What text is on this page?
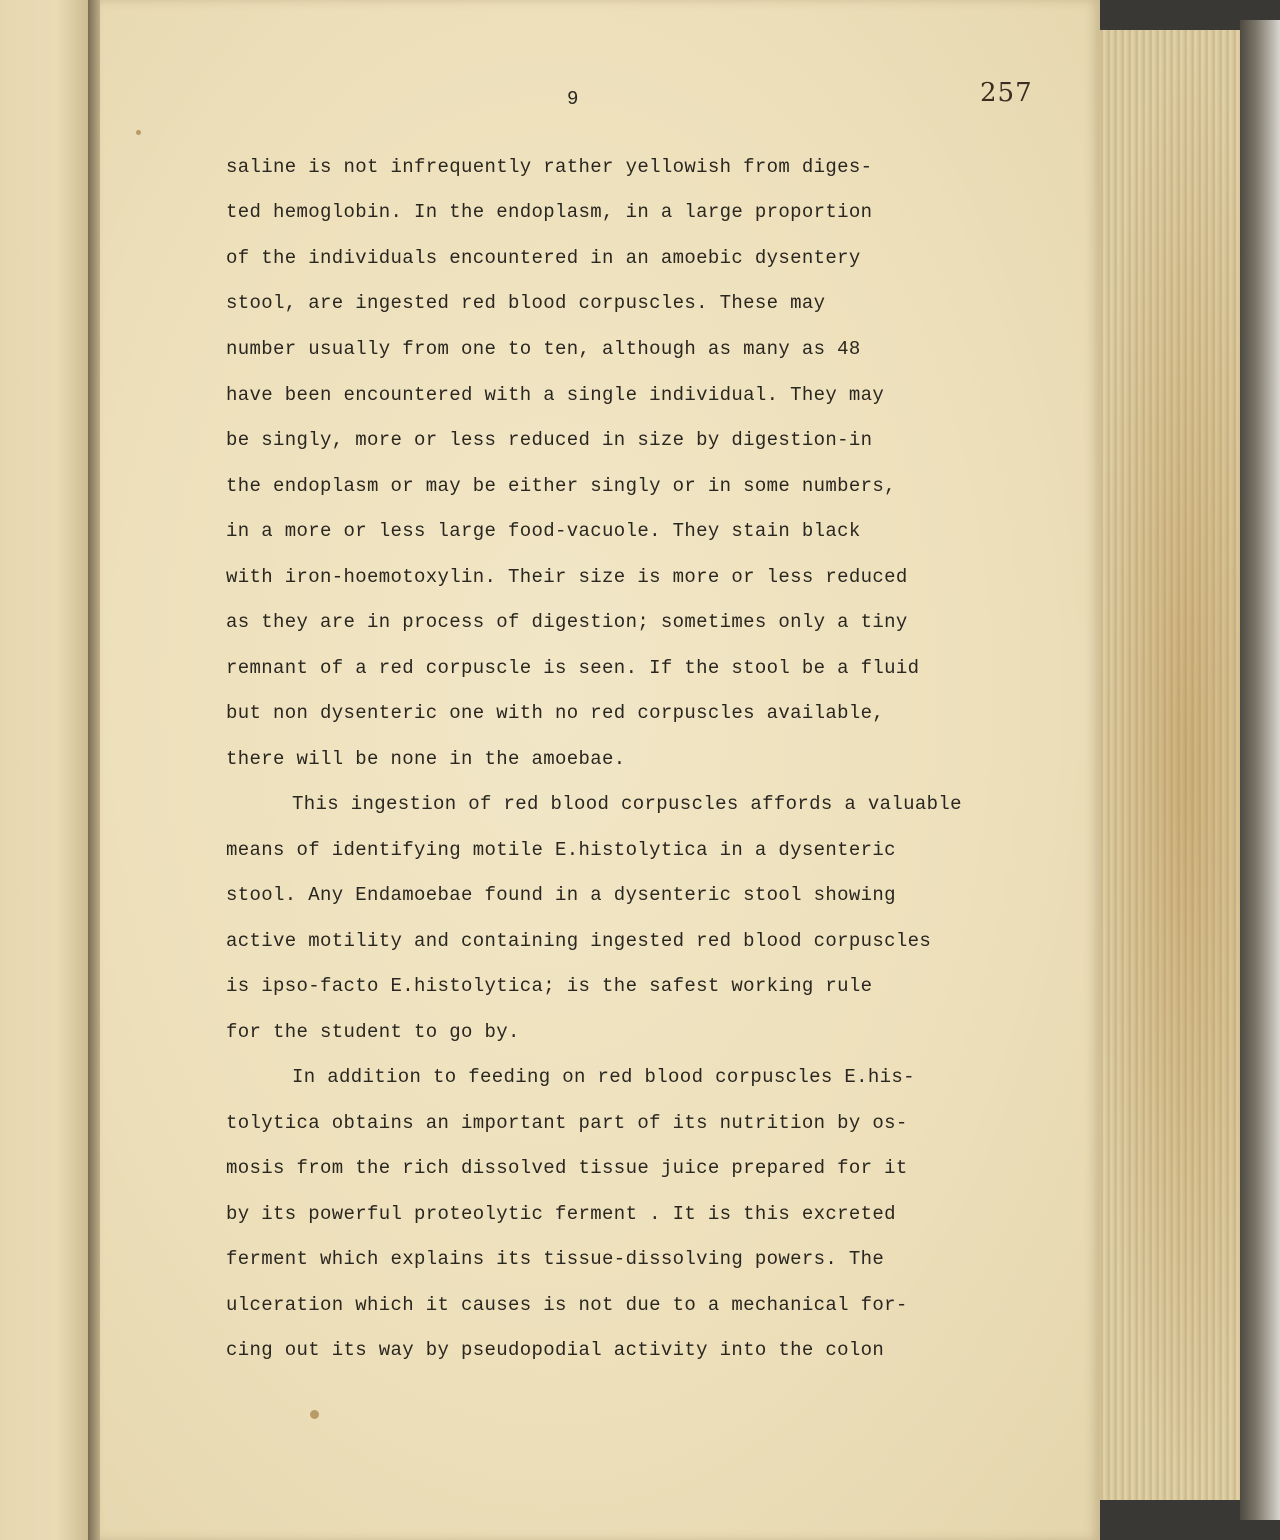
9	257
saline is not infrequently rather yellowish from diges-
ted hemoglobin. In the endoplasm, in a large proportion
of the individuals encountered in an amoebic dysentery
stool, are ingested red blood corpuscles. These may
number usually from one to ten, although as many as 48
have been encountered with a single individual. They may
be singly, more or less reduced in size by digestion-in
the endoplasm or may be either singly or in some numbers,
in a more or less large food-vacuole. They stain black
with iron-hoemotoxylin. Their size is more or less reduced
as they are in process of digestion; sometimes only a tiny
remnant of a red corpuscle is seen. If the stool be a fluid
but non dysenteric one with no red corpuscles available,
there will be none in the amoebae.
This ingestion of red blood corpuscles affords a valuable
means of identifying motile E.histolytica in a dysenteric
stool. Any Endamoebae found in a dysenteric stool showing
active motility and containing ingested red blood corpuscles
is ipso-facto E.histolytica; is the safest working rule
for the student to go by.
In addition to feeding on red blood corpuscles E.his-
tolytica obtains an important part of its nutrition by os-
mosis from the rich dissolved tissue juice prepared for it
by its powerful proteolytic ferment . It is this excreted
ferment which explains its tissue-dissolving powers. The
ulceration which it causes is not due to a mechanical for-
cing out its way by pseudopodial activity into the colon
